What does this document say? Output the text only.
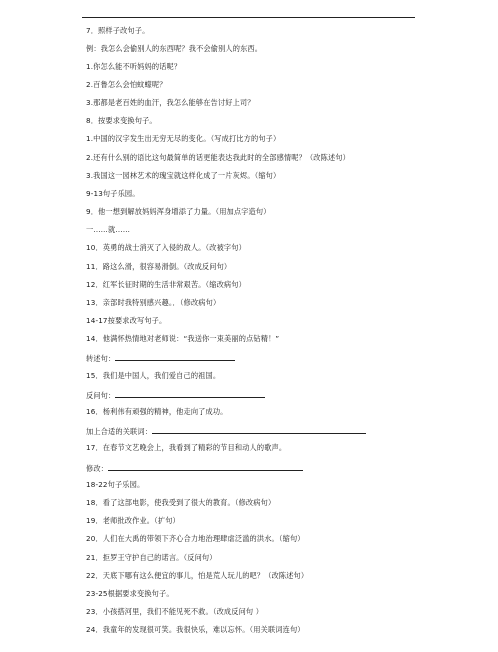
7．照样子改句子。
例：我怎么会偷别人的东西呢？我不会偷别人的东西。
1.你怎么能不听妈妈的话呢？
2.百鲁怎么会怕蚊蠓呢？
3.那都是老百姓的血汗，我怎么能够在告讨好上司？
8．按要求变换句子。
1.中国的汉字发生出无穷无尽的变化。（写成打比方的句子）
2.还有什么别的语比这句最简单的话更能表达我此时的全部感情呢？（改陈述句）
3.我国这一园林艺术的瑰宝就这样化成了一片灰烬。（缩句）
9-13句子乐园。
9．他一想到解放妈妈浑身增添了力量。（用加点字造句）
一……就……
10．英勇的战士消灭了入侵的敌人。（改被字句）
11．路这么滑，很容易滑倒。（改成反问句）
12．红军长征时期的生活非常艰苦。（缩改病句）
13．亲部时我特别感兴趣。．（修改病句）
14-17按要求改写句子。
14．他满怀热情地对老师说：“我送你一束美丽的点钻精！”
转述句：
15．我们是中国人，我们爱自己的祖国。
反问句：
16．杨利伟有顽强的精神，他走向了成功。
加上合适的关联词：
17．在春节文艺晚会上，我看到了精彩的节目和动人的歌声。
修改：
18-22句子乐园。
18．看了这部电影，使我受到了很大的教育。（修改病句）
19．老师批改作业。（扩句）
20．人们在大禹的带领下齐心合力地治理肆虐泛滥的洪水。（缩句）
21．拒罗王守护自己的诺言。（反问句）
22．天底下哪有这么便宜的事儿，怕是荒人玩儿的吧？（改陈述句）
23-25根据要求变换句子。
23．小孩搭河里，我们不能见死不救。（改成反问句 ）
24．我童年的发现很可笑。我很快乐，难以忘怀。（用关联词连句）
